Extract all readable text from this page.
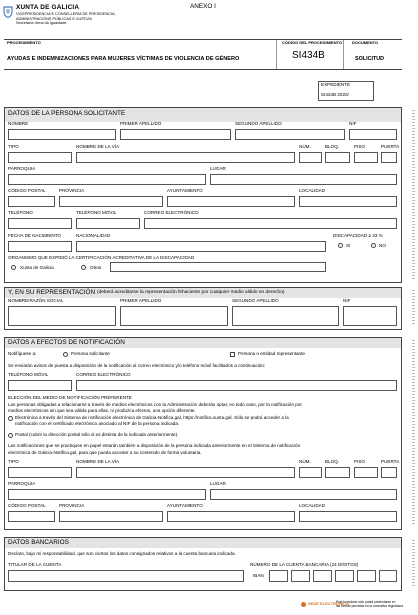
XUNTA DE GALICIA
VICEPRESIDENCIA E CONSELLERÍA DE PRESIDENCIA,
ADMINISTRACIÓNS PÚBLICAS E XUSTIZA
Secretaría Xeral da Igualdade
ANEXO I
PROCEDIMIENTO
AYUDAS E INDEMNIZACIONES PARA MUJERES VÍCTIMAS DE VIOLENCIA DE GÉNERO
CÓDIGO DEL PROCEDIMIENTO
SI434B
DOCUMENTO
SOLICITUD
EXPEDIENTE
SI434B 2020/
DATOS DE LA PERSONA SOLICITANTE
NOMBRE	PRIMER APELLIDO	SEGUNDO APELLIDO	NIF
TIPO	NOMBRE DE LA VÍA	NÚM.	BLOQ.	PISO	PUERTA
PARROQUIA	LUGAR
CÓDIGO POSTAL	PROVINCIA	AYUNTAMIENTO	LOCALIDAD
TELÉFONO	TELÉFONO MÓVIL	CORREO ELECTRÓNICO
FECHA DE NACIMIENTO	NACIONALIDAD	DISCAPACIDAD ≥ 33 %
SÍ	NO
ORGANISMO QUE EXPIDIÓ LA CERTIFICACIÓN ACREDITATIVA DE LA DISCAPACIDAD
Xunta de Galicia	Otros
Y, EN SU REPRESENTACIÓN (deberá acreditarse la representación fehaciente por cualquier medio válido en derecho)
NOMBRE/RAZÓN SOCIAL	PRIMER APELLIDO	SEGUNDO APELLIDO	NIF
DATOS A EFECTOS DE NOTIFICACIÓN
Notifíquese a:	Persona solicitante	Persona o entidad representante
Se enviarán avisos de puesta a disposición de la notificación al correo electrónico y/o teléfono móvil facilitados a continuación:
TELÉFONO MÓVIL	CORREO ELECTRÓNICO
ELECCIÓN DEL MEDIO DE NOTIFICACIÓN PREFERENTE
Las personas obligadas a relacionarse a través de medios electrónicos con la Administración deberán optar, en todo caso, por la notificación por
medios electrónicos sin que sea válida para ellas, ni produzca efectos, una opción diferente.
Electrónica a través del Sistema de notificación electrónica de Galicia-Notifica.gal, https://notifica.xunta.gal. Sólo se podrá acceder a la
notificación con el certificado electrónico asociado al NIF de la persona indicada.
Postal (cubrir la dirección postal sólo si es distinta de la indicada anteriormente).
Las notificaciones que se practiquen en papel estarán también a disposición de la persona indicada anteriormente en el Sistema de notificación
electrónica de Galicia-Notifica.gal, para que pueda acceder a su contenido de forma voluntaria.
TIPO	NOMBRE DE LA VÍA	NÚM.	BLOQ.	PISO	PUERTA
PARROQUIA	LUGAR
CÓDIGO POSTAL	PROVINCIA	AYUNTAMIENTO	LOCALIDAD
DATOS BANCARIOS
Declaro, bajo mi responsabilidad, que son ciertos los datos consignados relativos a la cuenta bancaria indicada.
TITULAR DE LA CUENTA	NÚMERO DE LA CUENTA BANCARIA (24 DÍGITOS)
IBAN
SEDE ELECTRÓNICA
Este formulario sólo podrá presentarse en
las formas previstas en la normativa reguladora
